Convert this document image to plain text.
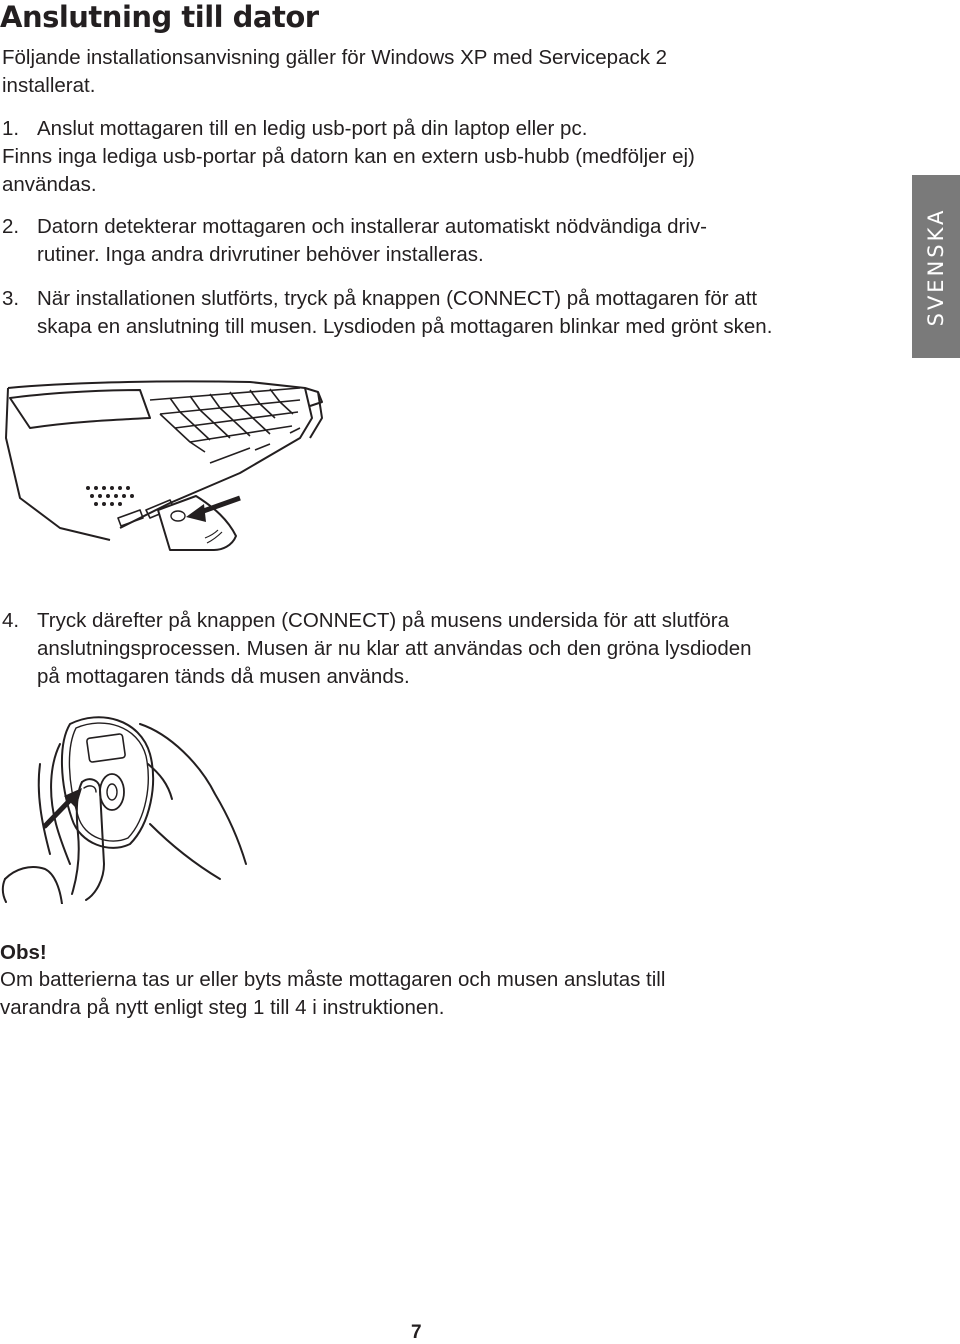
Anslutning till dator
Följande installationsanvisning gäller för Windows XP med Servicepack 2
installerat.
1. Anslut mottagaren till en ledig usb-port på din laptop eller pc.
Finns inga lediga usb-portar på datorn kan en extern usb-hubb (medföljer ej)
användas.
2. Datorn detekterar mottagaren och installerar automatiskt nödvändiga driv-
rutiner. Inga andra drivrutiner behöver installeras.
3. När installationen slutförts, tryck på knappen (CONNECT) på mottagaren för att
skapa en anslutning till musen. Lysdioden på mottagaren blinkar med grönt sken.
SVENSKA
4. Tryck därefter på knappen (CONNECT) på musens undersida för att slutföra
anslutningsprocessen. Musen är nu klar att användas och den gröna lysdioden
på mottagaren tänds då musen används.
Obs!
Om batterierna tas ur eller byts måste mottagaren och musen anslutas till
varandra på nytt enligt steg 1 till 4 i instruktionen.
7
